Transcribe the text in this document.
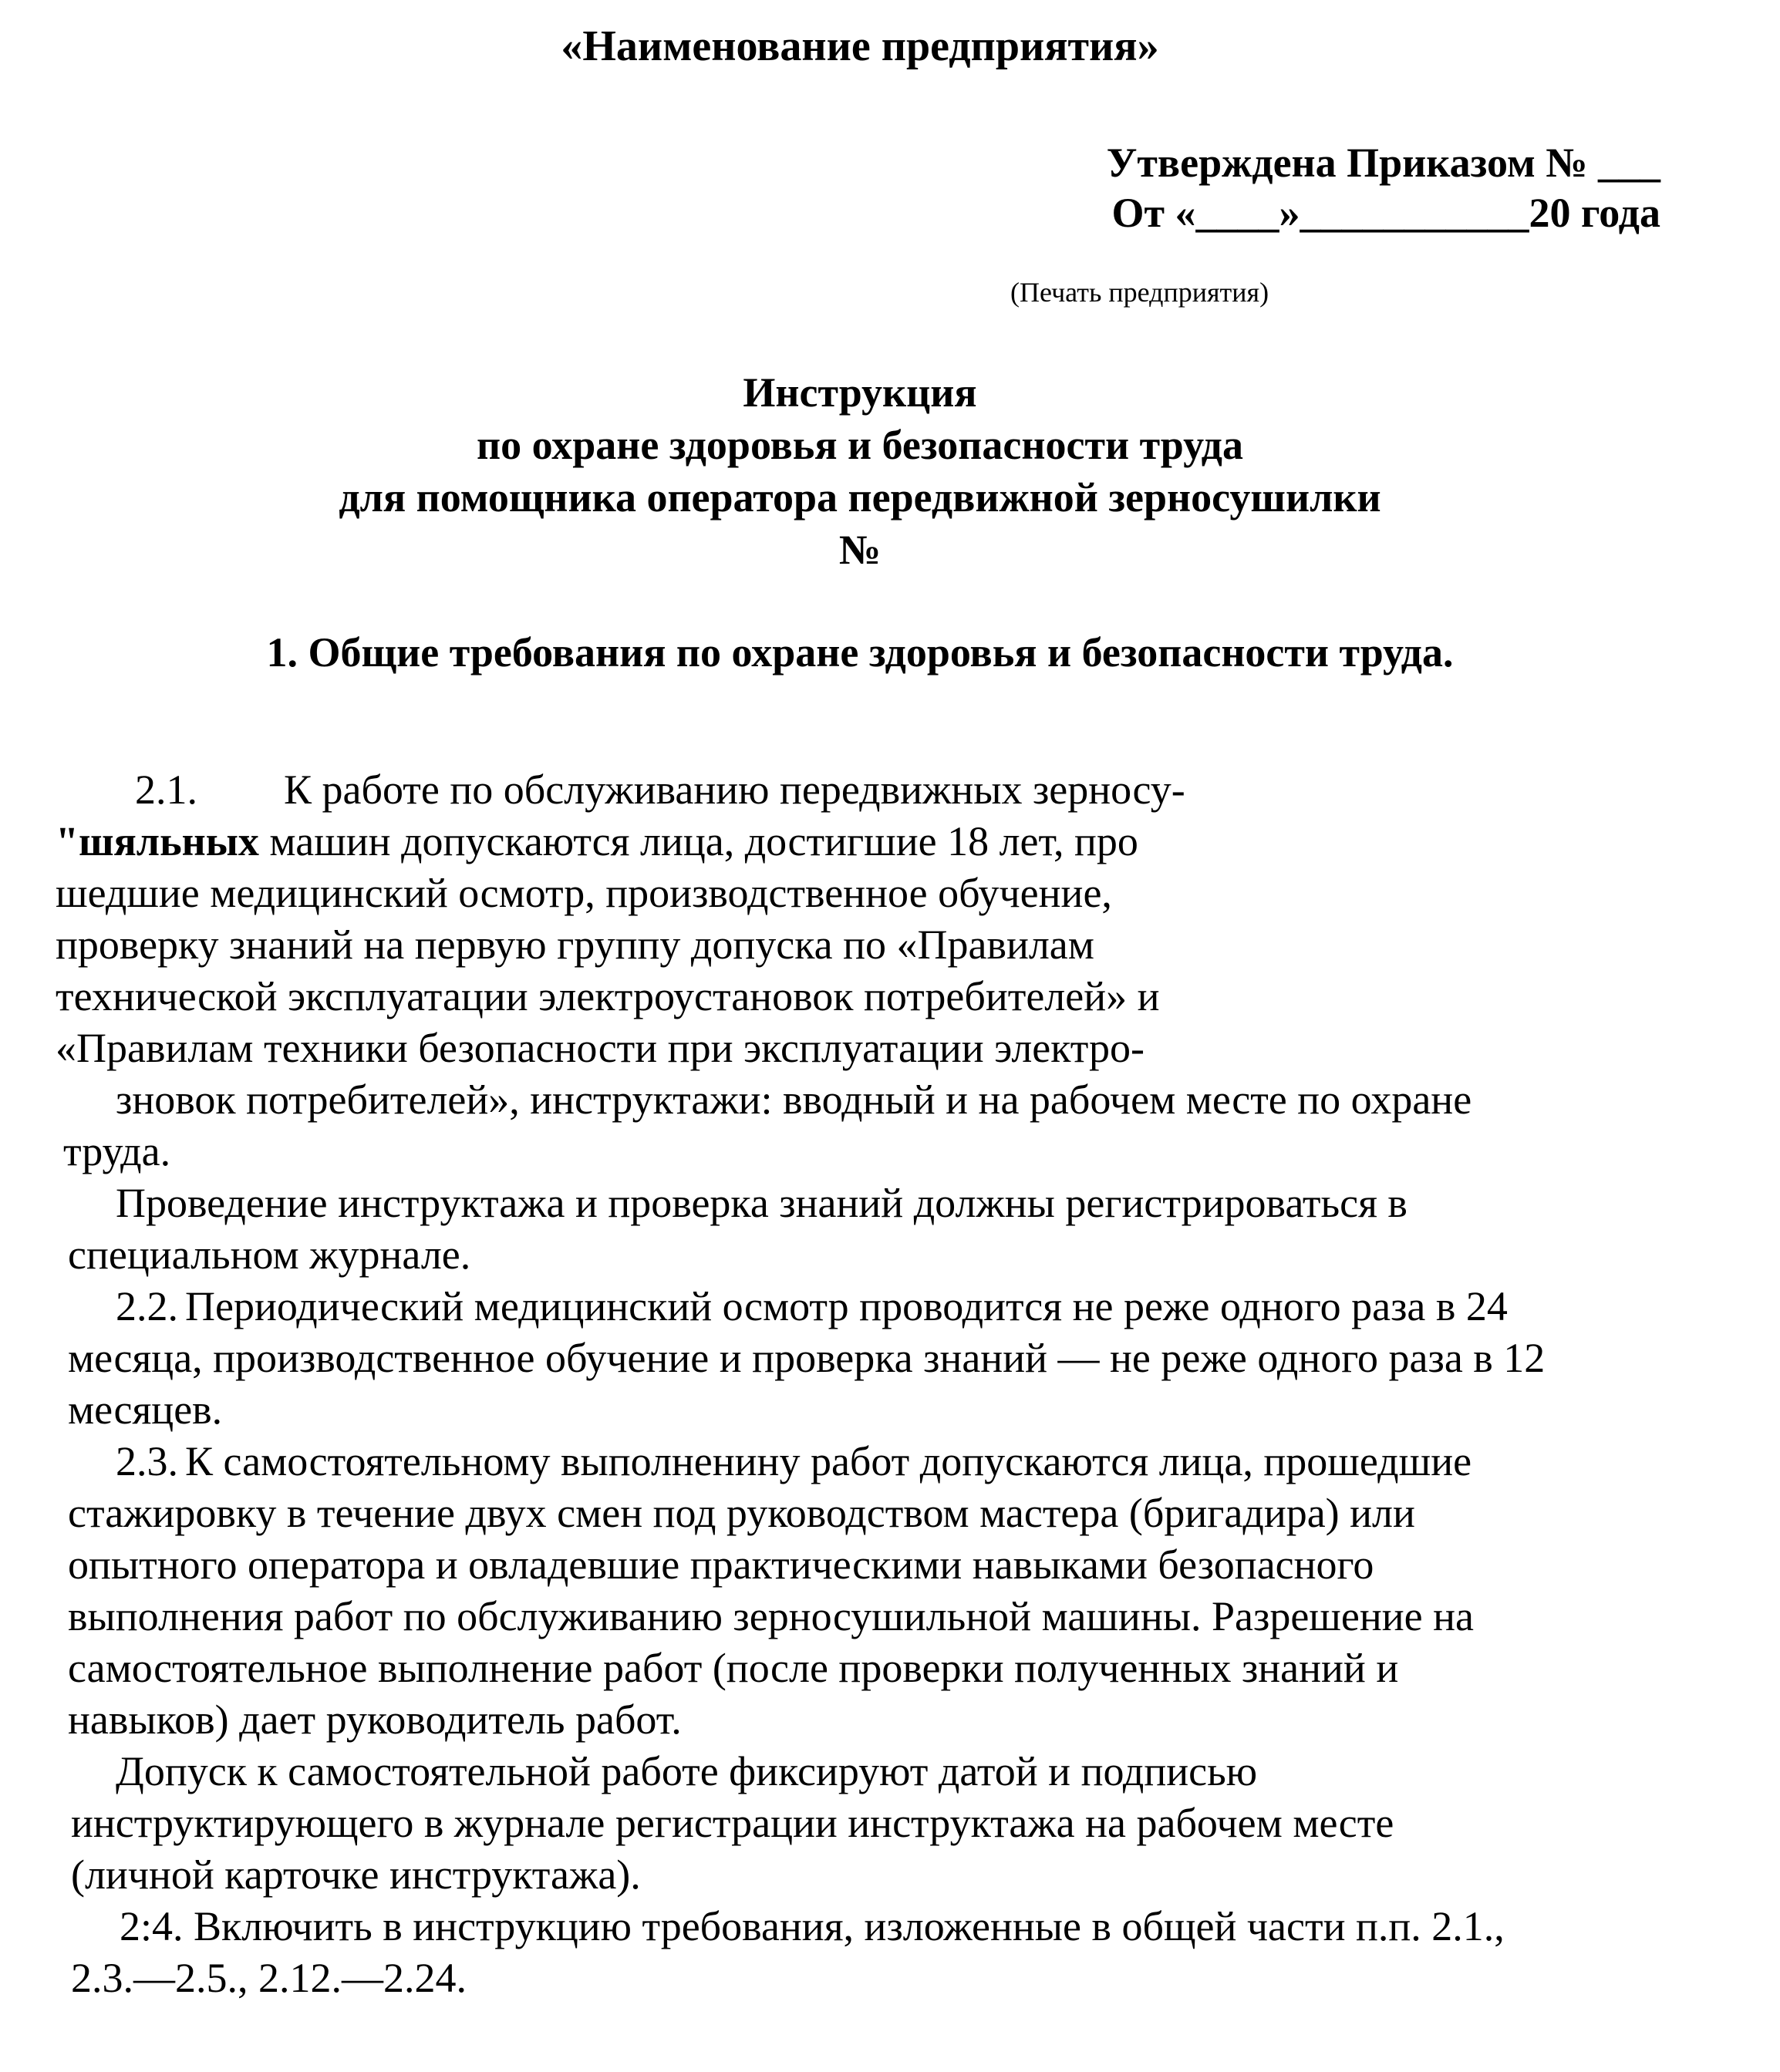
«Наименование предприятия»
Утверждена Приказом № ___
От «____»___________20 года
(Печать предприятия)
Инструкция
по охране здоровья и безопасности труда
для помощника оператора передвижной зерносушилки
№
1. Общие требования по охране здоровья и безопасности труда.
2.1. К работе по обслуживанию передвижных зерносу-
"шяльных машин допускаются лица, достигшие 18 лет, про
шедшие медицинский осмотр, производственное обучение,
проверку знаний на первую группу допуска по «Правилам
технической эксплуатации электроустановок потребителей» и
«Правилам техники безопасности при эксплуатации электро-
зновок потребителей», инструктажи: вводный и на рабочем месте по охране
труда.
Проведение инструктажа и проверка знаний должны регистрироваться в
специальном журнале.
2.2. Периодический медицинский осмотр проводится не реже одного раза в 24
месяца, производственное обучение и проверка знаний — не реже одного раза в 12
месяцев.
2.3. К самостоятельному выполненину работ допускаются лица, прошедшие
стажировку в течение двух смен под руководством мастера (бригадира) или
опытного оператора и овладевшие практическими навыками безопасного
выполнения работ по обслуживанию зерносушильной машины. Разрешение на
самостоятельное выполнение работ (после проверки полученных знаний и
навыков) дает руководитель работ.
Допуск к самостоятельной работе фиксируют датой и подписью
инструктирующего в журнале регистрации инструктажа на рабочем месте
(личной карточке инструктажа).
2:4. Включить в инструкцию требования, изложенные в общей части п.п. 2.1.,
2.3.—2.5., 2.12.—2.24.
